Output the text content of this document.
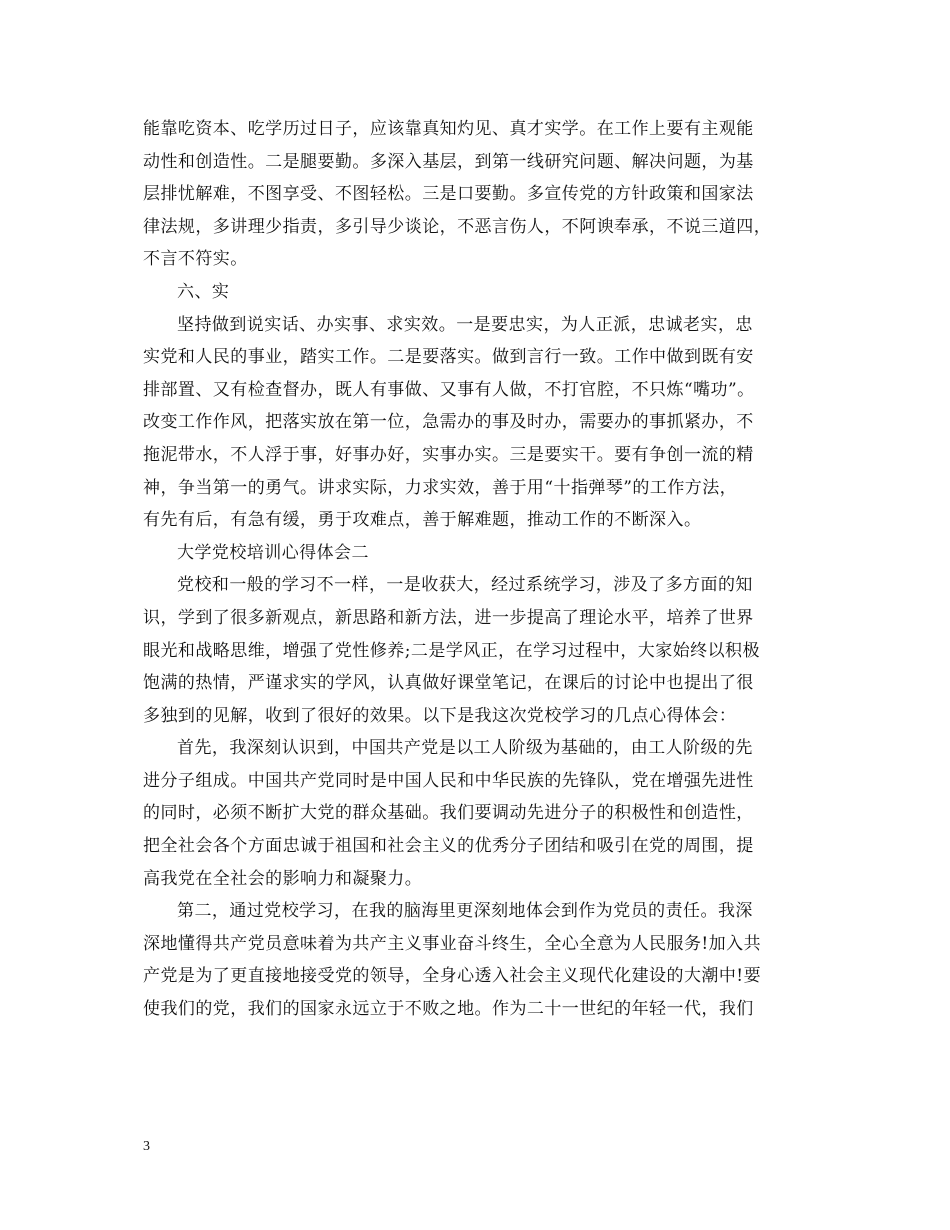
能靠吃资本、吃学历过日子，应该靠真知灼见、真才实学。在工作上要有主观能
动性和创造性。二是腿要勤。多深入基层，到第一线研究问题、解决问题，为基
层排忧解难，不图享受、不图轻松。三是口要勤。多宣传党的方针政策和国家法
律法规，多讲理少指责，多引导少谈论，不恶言伤人，不阿谀奉承，不说三道四，
不言不符实。
六、实
坚持做到说实话、办实事、求实效。一是要忠实，为人正派，忠诚老实，忠
实党和人民的事业，踏实工作。二是要落实。做到言行一致。工作中做到既有安
排部置、又有检查督办，既人有事做、又事有人做，不打官腔，不只炼“嘴功”。
改变工作作风，把落实放在第一位，急需办的事及时办，需要办的事抓紧办，不
拖泥带水，不人浮于事，好事办好，实事办实。三是要实干。要有争创一流的精
神，争当第一的勇气。讲求实际，力求实效，善于用“十指弹琴”的工作方法，
有先有后，有急有缓，勇于攻难点，善于解难题，推动工作的不断深入。
大学党校培训心得体会二
党校和一般的学习不一样，一是收获大，经过系统学习，涉及了多方面的知
识，学到了很多新观点，新思路和新方法，进一步提高了理论水平，培养了世界
眼光和战略思维，增强了党性修养;二是学风正，在学习过程中，大家始终以积极
饱满的热情，严谨求实的学风，认真做好课堂笔记，在课后的讨论中也提出了很
多独到的见解，收到了很好的效果。以下是我这次党校学习的几点心得体会：
首先，我深刻认识到，中国共产党是以工人阶级为基础的，由工人阶级的先
进分子组成。中国共产党同时是中国人民和中华民族的先锋队，党在增强先进性
的同时，必须不断扩大党的群众基础。我们要调动先进分子的积极性和创造性，
把全社会各个方面忠诚于祖国和社会主义的优秀分子团结和吸引在党的周围，提
高我党在全社会的影响力和凝聚力。
第二，通过党校学习，在我的脑海里更深刻地体会到作为党员的责任。我深
深地懂得共产党员意味着为共产主义事业奋斗终生，全心全意为人民服务!加入共
产党是为了更直接地接受党的领导，全身心透入社会主义现代化建设的大潮中!要
使我们的党，我们的国家永远立于不败之地。作为二十一世纪的年轻一代，我们
3
